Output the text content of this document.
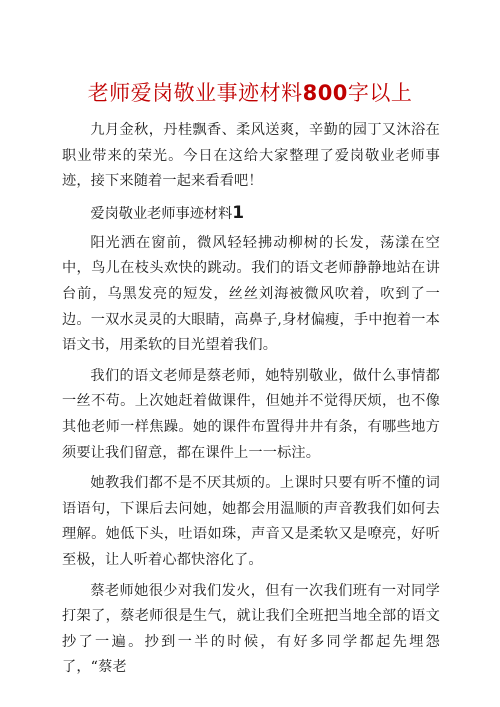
老师爱岗敬业事迹材料800字以上

九月金秋，丹桂飘香、柔风送爽，辛勤的园丁又沐浴在职业带来的荣光。今日在这给大家整理了爱岗敬业老师事迹，接下来随着一起来看看吧！

爱岗敬业老师事迹材料1

阳光洒在窗前，微风轻轻拂动柳树的长发，荡漾在空中，鸟儿在枝头欢快的跳动。我们的语文老师静静地站在讲台前，乌黑发亮的短发，丝丝刘海被微风吹着，吹到了一边。一双水灵灵的大眼睛，高鼻子,身材偏瘦，手中抱着一本语文书，用柔软的目光望着我们。

我们的语文老师是蔡老师，她特别敬业，做什么事情都一丝不苟。上次她赶着做课件，但她并不觉得厌烦，也不像其他老师一样焦躁。她的课件布置得井井有条，有哪些地方须要让我们留意，都在课件上一一标注。

她教我们都不是不厌其烦的。上课时只要有听不懂的词语语句，下课后去问她，她都会用温顺的声音教我们如何去理解。她低下头，吐语如珠，声音又是柔软又是嘹亮，好听至极，让人听着心都快溶化了。

蔡老师她很少对我们发火，但有一次我们班有一对同学打架了，蔡老师很是生气，就让我们全班把当地全部的语文抄了一遍。抄到一半的时候，有好多同学都起先埋怨了，“蔡老
